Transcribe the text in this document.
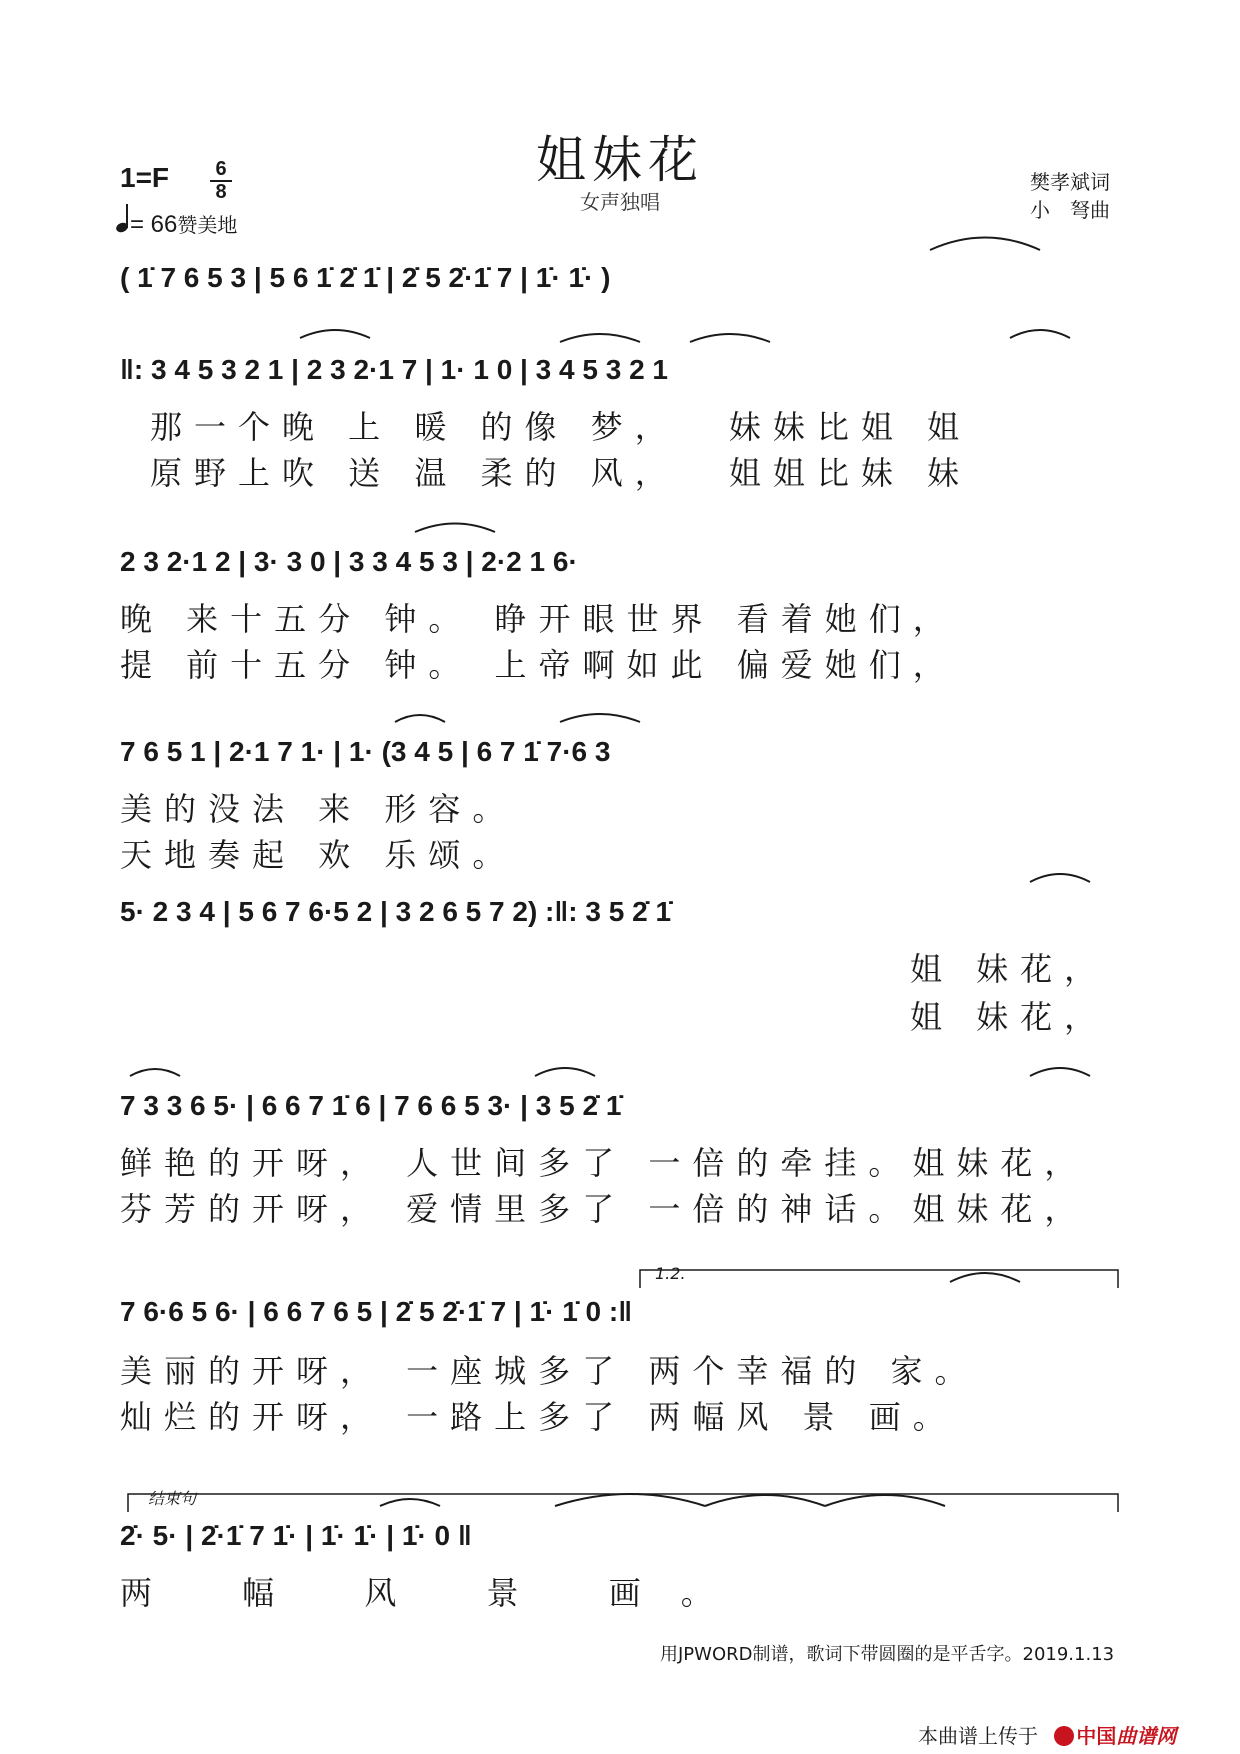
姐妹花
女声独唱
1=F 6
8
= 66赞美地
樊孝斌词
小　弩曲
( 1̇ 7 6 5 3 | 5 6 1̇ 2̇ 1̇ | 2̇ 5 2̇·1̇ 7 | 1̇· 1̇· )
‖: 3 4 5 3 2 1 | 2 3 2·1 7 | 1· 1 0 | 3 4 5 3 2 1
那一个晚 上 暖 的像 梦，　 妹妹比姐 姐
原野上吹 送 温 柔的 风，　 姐姐比妹 妹
2 3 2·1 2 | 3· 3 0 | 3 3 4 5 3 | 2·2 1 6·
晚 来十五分 钟。 睁开眼世界 看着她们，
提 前十五分 钟。 上帝啊如此 偏爱她们，
7 6 5 1 | 2·1 7 1· | 1· (3 4 5 | 6 7 1̇ 7·6 3
美的没法 来 形容。
天地奏起 欢 乐颂。
5· 2 3 4 | 5 6 7 6·5 2 | 3 2 6 5 7 2) :‖: 3 5 2̇ 1̇
姐 妹花，
姐 妹花，
7 3 3 6 5· | 6 6 7 1̇ 6 | 7 6 6 5 3· | 3 5 2̇ 1̇
鲜艳的开呀， 人世间多了 一倍的牵挂。姐妹花，
芬芳的开呀， 爱情里多了 一倍的神话。姐妹花，
1.2.
7 6·6 5 6· | 6 6 7 6 5 | 2̇ 5 2̇·1̇ 7 | 1̇· 1̇ 0 :‖
美丽的开呀， 一座城多了 两个幸福的 家。
灿烂的开呀， 一路上多了 两幅风 景 画。
结束句
2̇· 5· | 2̇·1̇ 7 1̇· | 1̇· 1̇· | 1̇· 0 ‖
两 幅 风 景 画。
用JPWORD制谱，歌词下带圆圈的是平舌字。2019.1.13
本曲谱上传于 中国曲谱网
